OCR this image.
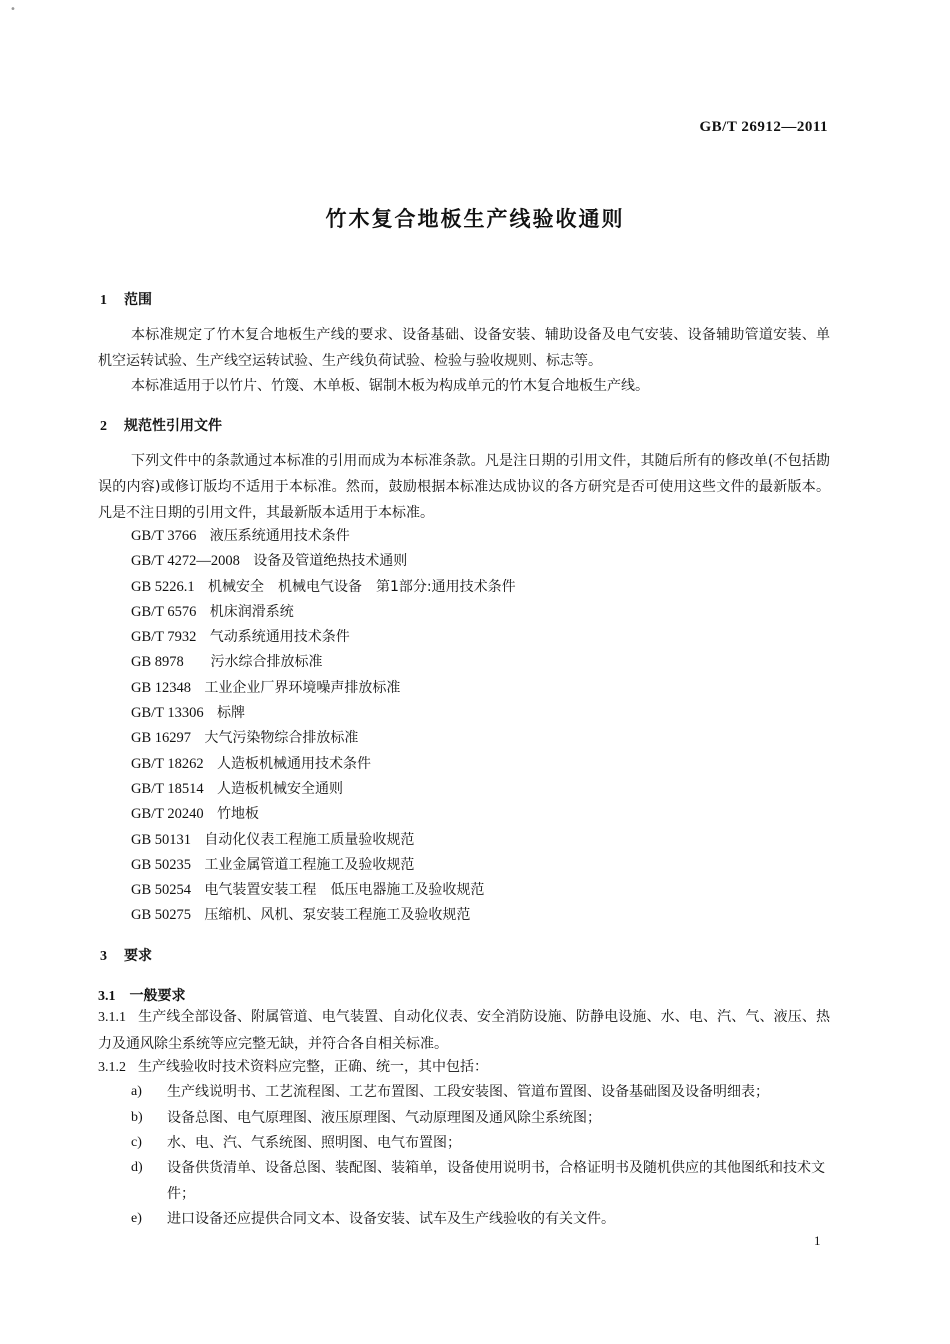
•
GB/T 26912—2011
竹木复合地板生产线验收通则
1 范围
本标准规定了竹木复合地板生产线的要求、设备基础、设备安装、辅助设备及电气安装、设备辅助管道安装、单机空运转试验、生产线空运转试验、生产线负荷试验、检验与验收规则、标志等。
本标准适用于以竹片、竹篾、木单板、锯制木板为构成单元的竹木复合地板生产线。
2 规范性引用文件
下列文件中的条款通过本标准的引用而成为本标准条款。凡是注日期的引用文件，其随后所有的修改单(不包括勘误的内容)或修订版均不适用于本标准。然而，鼓励根据本标准达成协议的各方研究是否可使用这些文件的最新版本。凡是不注日期的引用文件，其最新版本适用于本标准。
GB/T 3766 液压系统通用技术条件
GB/T 4272—2008 设备及管道绝热技术通则
GB 5226.1 机械安全　机械电气设备　第1部分:通用技术条件
GB/T 6576 机床润滑系统
GB/T 7932 气动系统通用技术条件
GB 8978 污水综合排放标准
GB 12348 工业企业厂界环境噪声排放标准
GB/T 13306 标牌
GB 16297 大气污染物综合排放标准
GB/T 18262 人造板机械通用技术条件
GB/T 18514 人造板机械安全通则
GB/T 20240 竹地板
GB 50131 自动化仪表工程施工质量验收规范
GB 50235 工业金属管道工程施工及验收规范
GB 50254 电气装置安装工程　低压电器施工及验收规范
GB 50275 压缩机、风机、泵安装工程施工及验收规范
3 要求
3.1 一般要求
3.1.1 生产线全部设备、附属管道、电气装置、自动化仪表、安全消防设施、防静电设施、水、电、汽、气、液压、热力及通风除尘系统等应完整无缺，并符合各自相关标准。
3.1.2 生产线验收时技术资料应完整，正确、统一，其中包括：
a) 生产线说明书、工艺流程图、工艺布置图、工段安装图、管道布置图、设备基础图及设备明细表；
b) 设备总图、电气原理图、液压原理图、气动原理图及通风除尘系统图；
c) 水、电、汽、气系统图、照明图、电气布置图；
d) 设备供货清单、设备总图、装配图、装箱单，设备使用说明书，合格证明书及随机供应的其他图纸和技术文件；
e) 进口设备还应提供合同文本、设备安装、试车及生产线验收的有关文件。
1
